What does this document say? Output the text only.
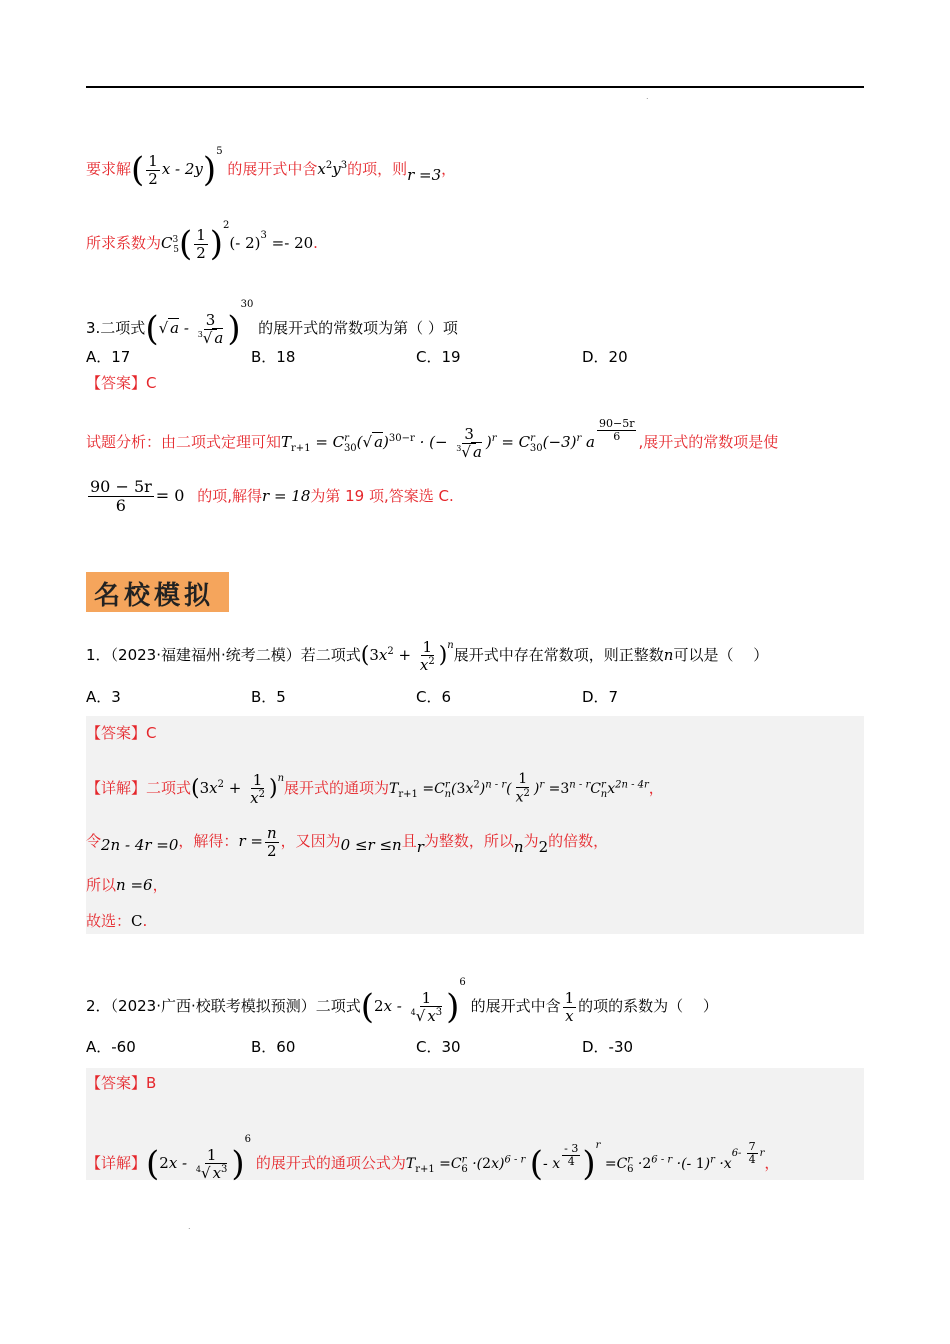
.
要求解( $\frac{1}{2}$ x - 2y)$^5$ 的展开式中含$x^2y^3$的项，则r =3，
所求系数为$C^3_5( \frac{1}{2} )^2(-$ 2)$^3$ =- 20.
3.二项式(√ a - $\frac{3}{^3√ a} )^{30}$ 的展开式的常数项为第（ ）项
A．17	B．18	C．19	D．20
【答案】C
试题分析：由二项式定理可知$T_{r+1} = C^r_{30}(√$ a)$^{30-r}$ · (− $\frac{3}{^3√ a} )^r = C^r_{30}(-3)^r$ a $^{\frac{90-5r}{6}}$ ,展开式的常数项是使
$\frac{90 - 5r}{6} = 0$ 的项,解得r = 18为第 19 项,答案选 C.
名校模拟
1．（2023·福建福州·统考二模）若二项式$(3x^2 + \frac{1}{x^2} )^n$展开式中存在常数项，则正整数n可以是（　 ）
A．3	B．5	C．6	D．7
【答案】C
【详解】二项式$(3x^2 + \frac{1}{x^2} )^n$展开式的通项为$T_{r+1} =C^r_n(3x^2)^{n - r}( \frac{1}{x^2} )^r =3^{n - r}C^r_nx^{2n - 4r}$，
令2n - 4r =0，解得：$r = \frac{n}{2}$ ，又因为0 ≤r ≤n且r为整数，所以n为2的倍数，
所以n =6，
故选：C.
2．（2023·广西·校联考模拟预测）二项式$(2x - \frac{1}{^4√ x^3} )^6$ 的展开式中含 $\frac{1}{x}$ 的项的系数为（　 ）
A．-60	B．60	C．30	D．-30
【答案】B
【详解】$(2x - \frac{1}{^4√ x^3} )^6$ 的展开式的通项公式为$T_{r+1} =C^r_6 \cdot(2x)^{6 - r}$ (- x $^{\frac{- 3}{4}}$ )$^r =C^r_6 \cdot 2^{6 - r}$ ·(- $1)^r \cdot x^{6- \frac{7}{4} r}$，
.
